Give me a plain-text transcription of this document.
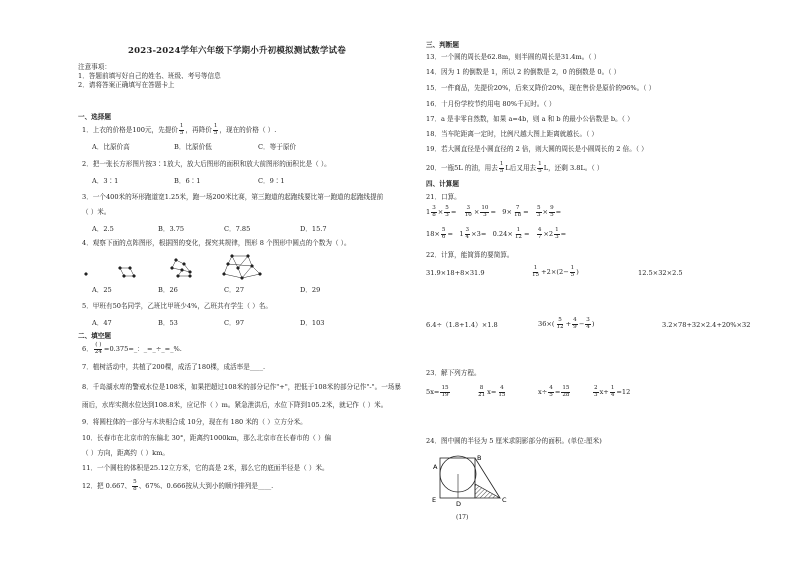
2023-2024学年六年级下学期小升初模拟测试数学试卷
注意事项：
1．答题前填写好自己的姓名、班级、考号等信息
2．请将答案正确填写在答题卡上
一、选择题
1．上衣的价格是100元，先提价 $\frac{1}{5}$ ，再降价 $\frac{1}{5}$ ，现在的价格（ ）.
A．比原价高	B．比原价低	C．等于原价
2．把一张长方形图片按3∶1放大，放大后图形的面积和放大前图形的面积比是（ ）。
A．3∶1	B．6∶1	C．9∶1
3．一个400米的环形跑道宽1.25米，跑一场200米比赛，第三跑道的起跑线要比第一跑道的起跑线提前
（ ）米。
A．2.5	B．3.75	C．7.85	D．15.7
4．观察下面的点阵图形，根据图的变化，探究其规律，图形 8 个图形中圆点的个数为（ ）。
A．25	B．26	C．27	D．29
5．甲班有50名同学，乙班比甲班少4%，乙班共有学生（ ）名。
A．47	B．53	C．97	D．103
二、填空题
6． $\frac{( )}{24}$ =0.375=_：_=_÷_=_%.
7．植树活动中，共植了200棵，成活了180棵，成活率是____.
8．千岛湖水库的警戒水位是108米，如果把超过108米的部分记作"+"，把低于108米的部分记作"-"。一场暴
雨后，水库实测水位达到108.8米，应记作（ ）m。紧急泄洪后，水位下降到105.2米，就记作（ ）米。
9．将圆柱体的一部分与木块相合成 10分，现在有 180 米的（ ）立方分米。
10．长春市在北京市的东偏北 30°，距离约1000km，那么北京市在长春市的（ ）偏
（ ）方向，距离约（ ）km。
11．一个圆柱的体积是25.12立方米，它的高是 2米，那么它的底面半径是（ ）米。
12．把 0.667、 $\frac{5}{8}$ 、67%、0.666按从大到小的顺序排列是____.
三、判断题
13．一个圆的周长是62.8m，则半圆的周长是31.4m。（ ）
14．因为 1 的倒数是 1，所以 2 的倒数是 2，0 的倒数是 0。（ ）
15．一件商品，先提价20%，后来又降价20%，现在售价是原价的96%。（ ）
16．十月份学校节约用电 80%千瓦时。（ ）
17．a 是非零自然数，如果 a=4b，则 a 和 b 的最小公倍数是 b。（ ）
18．当车陀距离一定时，比例尺越大图上距离就越长。（ ）
19．若大圆直径是小圆直径的 2 倍，则大圆的周长是小圆周长的 2 倍。（ ）
20．一瓶5L 的油，用去 $\frac{1}{5}$ L后又用去 $\frac{1}{5}$ L，还剩 3.8L。（ ）
四、计算题
21．口算。
$1 \frac{3}{8} \times \frac{5}{3} = \frac{3}{10} \times \frac{10}{3} = 9\times \frac{7}{18} = \frac{5}{3} \times \frac{9}{5}$ =
$18\times \frac{5}{6} = 1 \frac{3}{4} \times 3= 0.24\times \frac{1}{12} = \frac{4}{7} \times 2 \frac{1}{3}$ =
22．计算，能简算的要简算。
31.9×18+8×31.9	$\frac{1}{15} +2\times(2- \frac{1}{5}$ )	12.5×32×2.5
6.4÷（1.8+1.4）×1.8	$36\times( \frac{5}{12} + \frac{4}{9} - \frac{3}{4}$ )	3.2×78+32×2.4+20%×32
23．解下列方程。
$5x= \frac{15}{19}$	$\frac{8}{21} x= \frac{4}{15}$	$x\div \frac{4}{5} = \frac{15}{28}$	$\frac{2}{3} x+ \frac{1}{4} =12$
24．图中圆的半径为 5 厘米求阴影部分的面积。(单位:厘米)
A
B
C
D
E
(17)
